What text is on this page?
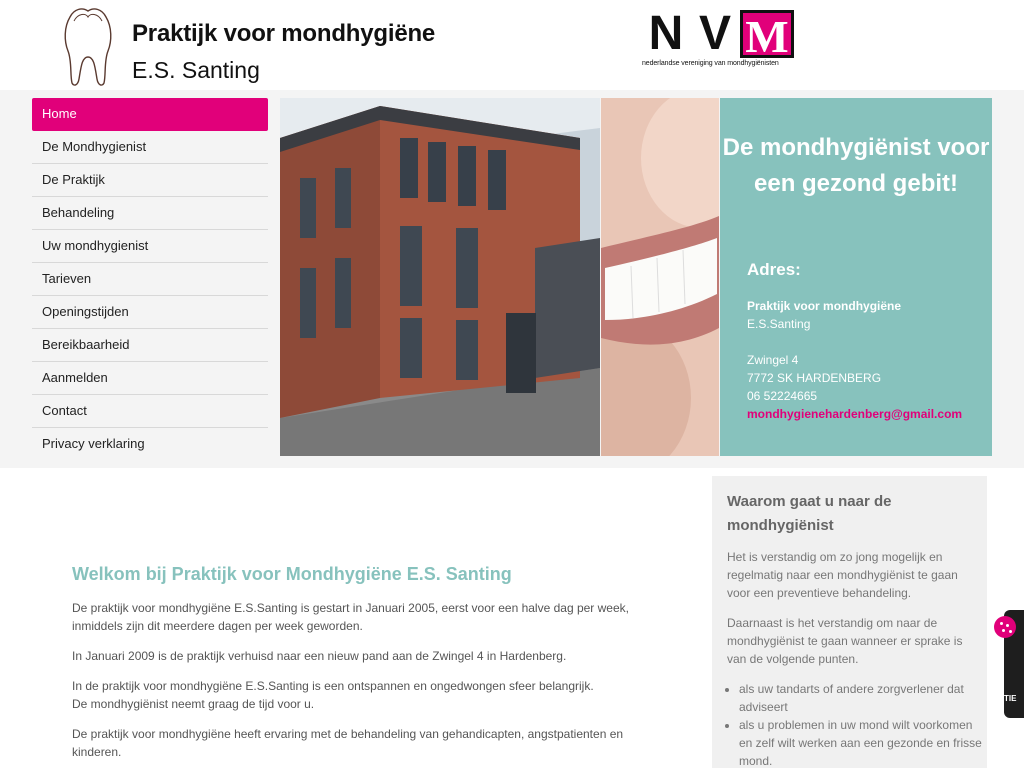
Praktijk voor mondhygiëne
E.S. Santing
N V M
nederlandse vereniging van mondhygiënisten
Home
De Mondhygienist
De Praktijk
Behandeling
Uw mondhygienist
Tarieven
Openingstijden
Bereikbaarheid
Aanmelden
Contact
Privacy verklaring
De mondhygiënist voor een gezond gebit!
Adres:
Praktijk voor mondhygiëne
E.S.Santing
Zwingel 4
7772 SK HARDENBERG
06 52224665
mondhygienehardenberg@gmail.com
Welkom bij Praktijk voor Mondhygiëne E.S. Santing

De praktijk voor mondhygiëne E.S.Santing is gestart in Januari 2005, eerst voor een halve dag per week, inmiddels zijn dit meerdere dagen per week geworden.

In Januari 2009 is de praktijk verhuisd naar een nieuw pand aan de Zwingel 4 in Hardenberg.

In de praktijk voor mondhygiëne E.S.Santing is een ontspannen en ongedwongen sfeer belangrijk.
De mondhygiënist neemt graag de tijd voor u.

De praktijk voor mondhygiëne heeft ervaring met de behandeling van gehandicapten, angstpatienten en kinderen.

Waarom gaat u naar de mondhygiënist

Het is verstandig om zo jong mogelijk en regelmatig naar een mondhygiënist te gaan voor een preventieve behandeling.

Daarnaast is het verstandig om naar de mondhygiënist te gaan wanneer er sprake is van de volgende punten.

• als uw tandarts of andere zorgverlener dat adviseert
• als u problemen in uw mond wilt voorkomen en zelf wilt werken aan een gezonde en frisse mond.
TIE
